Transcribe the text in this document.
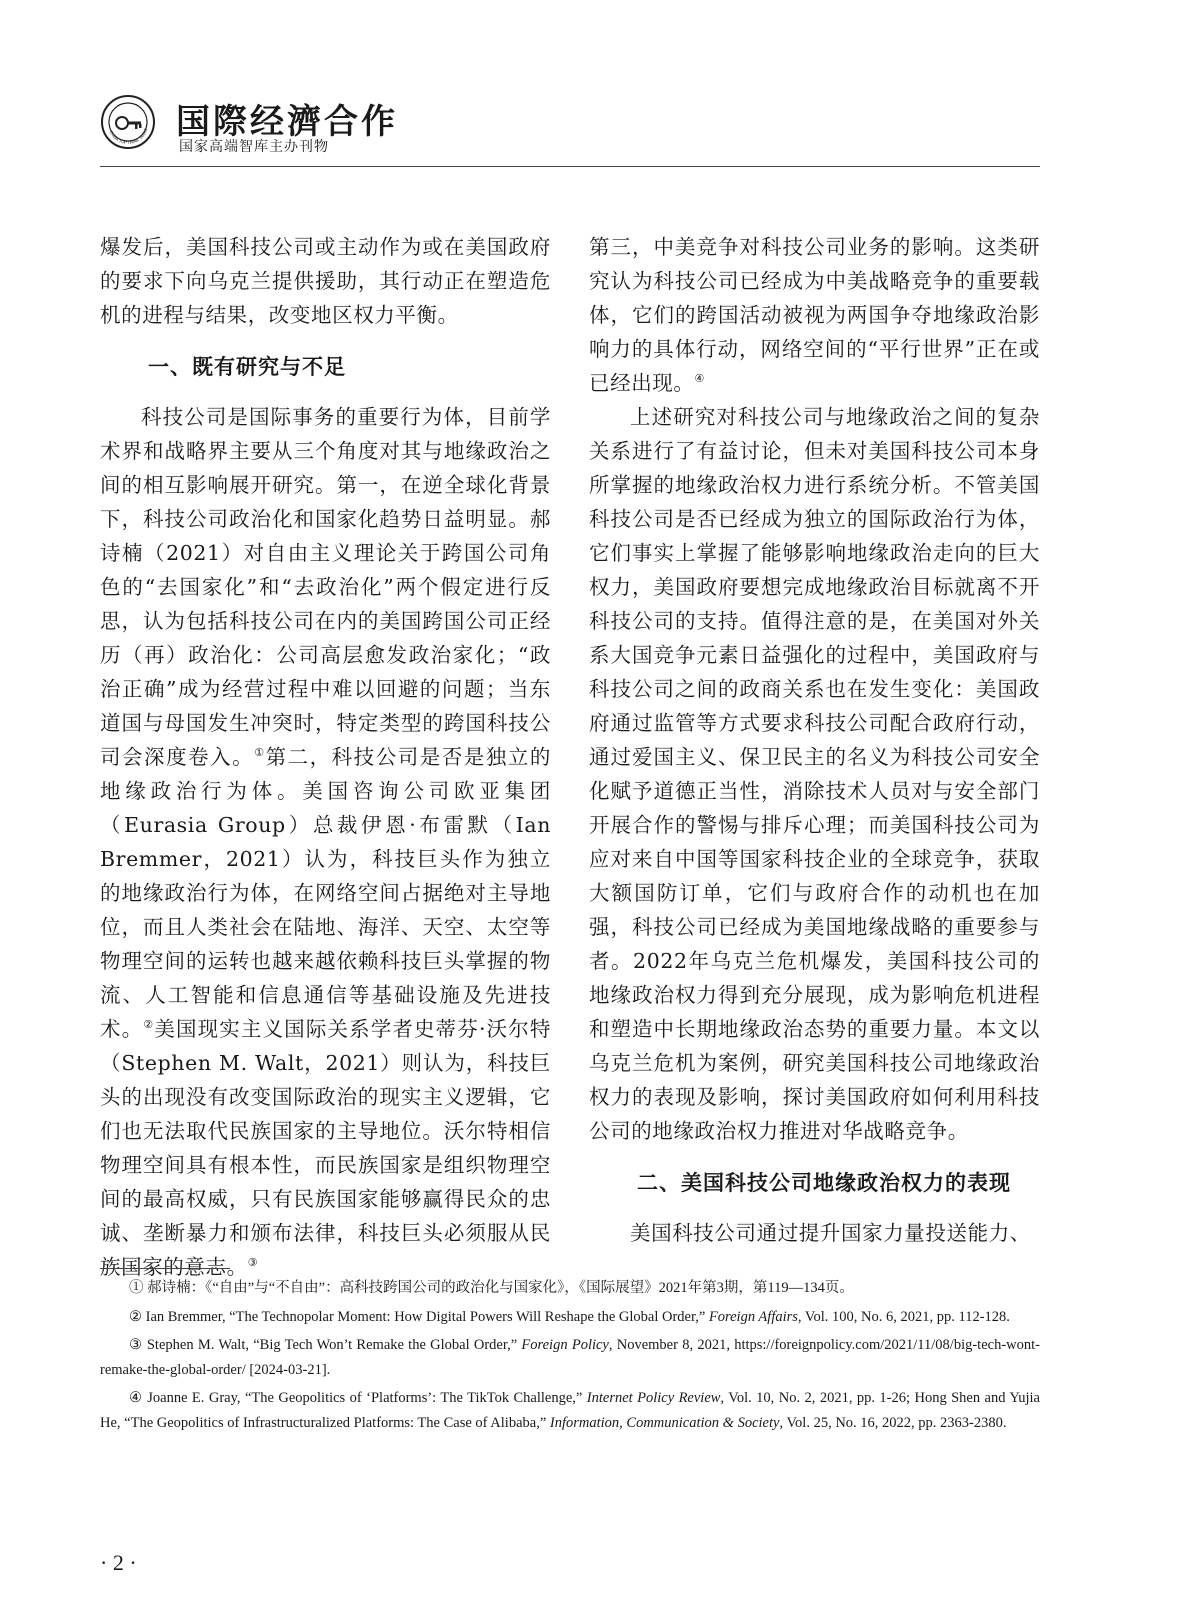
CHINA TOP THINK TANKS 国際经濟合作
国家高端智库主办刊物

爆发后，美国科技公司或主动作为或在美国政府的要求下向乌克兰提供援助，其行动正在塑造危机的进程与结果，改变地区权力平衡。

一、既有研究与不足

科技公司是国际事务的重要行为体，目前学术界和战略界主要从三个角度对其与地缘政治之间的相互影响展开研究。第一，在逆全球化背景下，科技公司政治化和国家化趋势日益明显。郝诗楠（2021）对自由主义理论关于跨国公司角色的“去国家化”和“去政治化”两个假定进行反思，认为包括科技公司在内的美国跨国公司正经历（再）政治化：公司高层愈发政治家化；“政治正确”成为经营过程中难以回避的问题；当东道国与母国发生冲突时，特定类型的跨国科技公司会深度卷入。①第二，科技公司是否是独立的地缘政治行为体。美国咨询公司欧亚集团（Eurasia Group）总裁伊恩·布雷默（Ian Bremmer，2021）认为，科技巨头作为独立的地缘政治行为体，在网络空间占据绝对主导地位，而且人类社会在陆地、海洋、天空、太空等物理空间的运转也越来越依赖科技巨头掌握的物流、人工智能和信息通信等基础设施及先进技术。②美国现实主义国际关系学者史蒂芬·沃尔特（Stephen M. Walt，2021）则认为，科技巨头的出现没有改变国际政治的现实主义逻辑，它们也无法取代民族国家的主导地位。沃尔特相信物理空间具有根本性，而民族国家是组织物理空间的最高权威，只有民族国家能够赢得民众的忠诚、垄断暴力和颁布法律，科技巨头必须服从民族国家的意志。③

第三，中美竞争对科技公司业务的影响。这类研究认为科技公司已经成为中美战略竞争的重要载体，它们的跨国活动被视为两国争夺地缘政治影响力的具体行动，网络空间的“平行世界”正在或已经出现。④

上述研究对科技公司与地缘政治之间的复杂关系进行了有益讨论，但未对美国科技公司本身所掌握的地缘政治权力进行系统分析。不管美国科技公司是否已经成为独立的国际政治行为体，它们事实上掌握了能够影响地缘政治走向的巨大权力，美国政府要想完成地缘政治目标就离不开科技公司的支持。值得注意的是，在美国对外关系大国竞争元素日益强化的过程中，美国政府与科技公司之间的政商关系也在发生变化：美国政府通过监管等方式要求科技公司配合政府行动，通过爱国主义、保卫民主的名义为科技公司安全化赋予道德正当性，消除技术人员对与安全部门开展合作的警惕与排斥心理；而美国科技公司为应对来自中国等国家科技企业的全球竞争，获取大额国防订单，它们与政府合作的动机也在加强，科技公司已经成为美国地缘战略的重要参与者。2022年乌克兰危机爆发，美国科技公司的地缘政治权力得到充分展现，成为影响危机进程和塑造中长期地缘政治态势的重要力量。本文以乌克兰危机为案例，研究美国科技公司地缘政治权力的表现及影响，探讨美国政府如何利用科技公司的地缘政治权力推进对华战略竞争。

二、美国科技公司地缘政治权力的表现

美国科技公司通过提升国家力量投送能力、

① 郝诗楠：《“自由”与“不自由”：高科技跨国公司的政治化与国家化》，《国际展望》2021年第3期，第119—134页。

② Ian Bremmer, “The Technopolar Moment: How Digital Powers Will Reshape the Global Order,” Foreign Affairs, Vol. 100, No. 6, 2021, pp. 112-128.

③ Stephen M. Walt, “Big Tech Won’t Remake the Global Order,” Foreign Policy, November 8, 2021, https://foreignpolicy.com/2021/11/08/big-tech-wont-remake-the-global-order/ [2024-03-21].

④ Joanne E. Gray, “The Geopolitics of ‘Platforms’: The TikTok Challenge,” Internet Policy Review, Vol. 10, No. 2, 2021, pp. 1-26; Hong Shen and Yujia He, “The Geopolitics of Infrastructuralized Platforms: The Case of Alibaba,” Information, Communication & Society, Vol. 25, No. 16, 2022, pp. 2363-2380.

· 2 ·
